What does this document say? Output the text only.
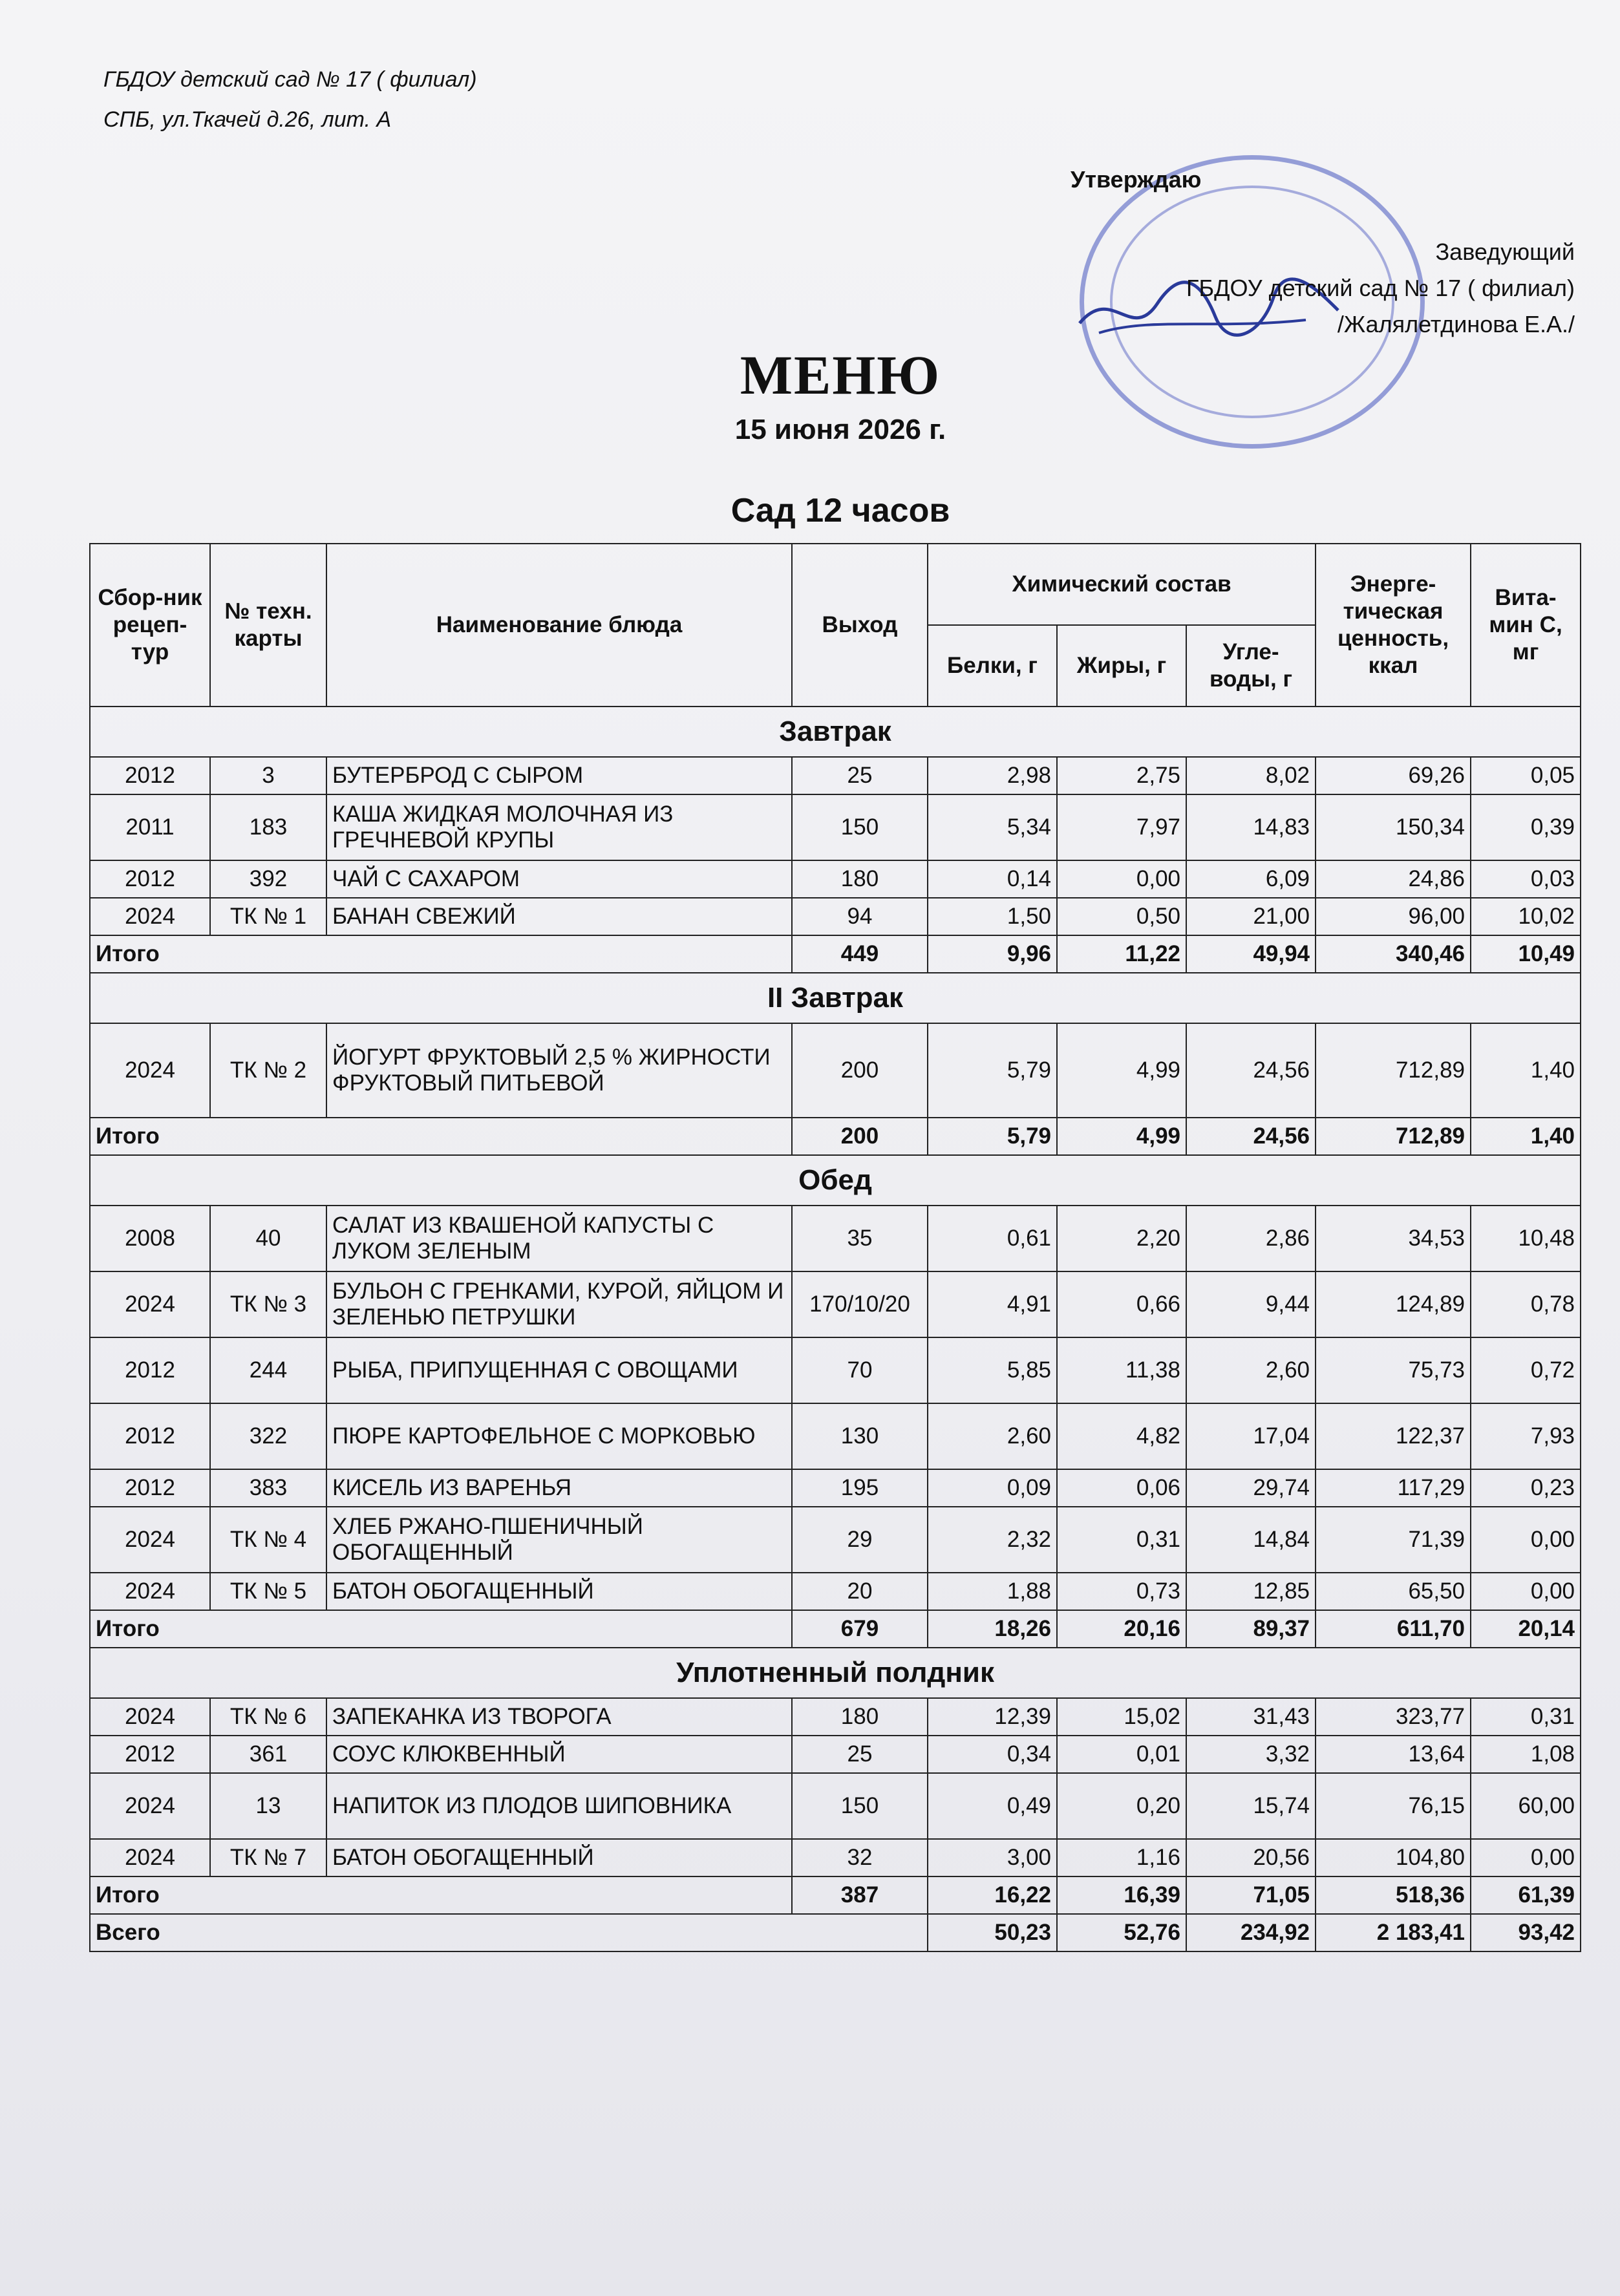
ГБДОУ детский сад № 17 ( филиал)
СПБ, ул.Ткачей д.26, лит. А
Утверждаю
Заведующий
ГБДОУ детский сад № 17 ( филиал)
/Жалялетдинова Е.А./
МЕНЮ
15 июня 2026 г.
Сад 12 часов
Сбор-ник рецеп-тур	№ техн. карты	Наименование блюда	Выход	Химический состав			Энерге-тическая ценность, ккал	Вита-мин С, мг
				Белки, г	Жиры, г	Угле-воды, г		
Завтрак								
2012	3	БУТЕРБРОД С СЫРОМ	25	2,98	2,75	8,02	69,26	0,05
2011	183	КАША ЖИДКАЯ МОЛОЧНАЯ ИЗ ГРЕЧНЕВОЙ КРУПЫ	150	5,34	7,97	14,83	150,34	0,39
2012	392	ЧАЙ С САХАРОМ	180	0,14	0,00	6,09	24,86	0,03
2024	ТК № 1	БАНАН СВЕЖИЙ	94	1,50	0,50	21,00	96,00	10,02
Итого			449	9,96	11,22	49,94	340,46	10,49
II Завтрак								
2024	ТК № 2	ЙОГУРТ ФРУКТОВЫЙ 2,5 % ЖИРНОСТИ ФРУКТОВЫЙ ПИТЬЕВОЙ	200	5,79	4,99	24,56	712,89	1,40
Итого			200	5,79	4,99	24,56	712,89	1,40
Обед								
2008	40	САЛАТ ИЗ КВАШЕНОЙ КАПУСТЫ С ЛУКОМ ЗЕЛЕНЫМ	35	0,61	2,20	2,86	34,53	10,48
2024	ТК № 3	БУЛЬОН С ГРЕНКАМИ, КУРОЙ, ЯЙЦОМ И ЗЕЛЕНЬЮ ПЕТРУШКИ	170/10/20	4,91	0,66	9,44	124,89	0,78
2012	244	РЫБА, ПРИПУЩЕННАЯ С ОВОЩАМИ	70	5,85	11,38	2,60	75,73	0,72
2012	322	ПЮРЕ КАРТОФЕЛЬНОЕ С МОРКОВЬЮ	130	2,60	4,82	17,04	122,37	7,93
2012	383	КИСЕЛЬ ИЗ ВАРЕНЬЯ	195	0,09	0,06	29,74	117,29	0,23
2024	ТК № 4	ХЛЕБ РЖАНО-ПШЕНИЧНЫЙ ОБОГАЩЕННЫЙ	29	2,32	0,31	14,84	71,39	0,00
2024	ТК № 5	БАТОН ОБОГАЩЕННЫЙ	20	1,88	0,73	12,85	65,50	0,00
Итого			679	18,26	20,16	89,37	611,70	20,14
Уплотненный полдник								
2024	ТК № 6	ЗАПЕКАНКА ИЗ ТВОРОГА	180	12,39	15,02	31,43	323,77	0,31
2012	361	СОУС КЛЮКВЕННЫЙ	25	0,34	0,01	3,32	13,64	1,08
2024	13	НАПИТОК ИЗ ПЛОДОВ ШИПОВНИКА	150	0,49	0,20	15,74	76,15	60,00
2024	ТК № 7	БАТОН ОБОГАЩЕННЫЙ	32	3,00	1,16	20,56	104,80	0,00
Итого			387	16,22	16,39	71,05	518,36	61,39
Всего				50,23	52,76	234,92	2 183,41	93,42
